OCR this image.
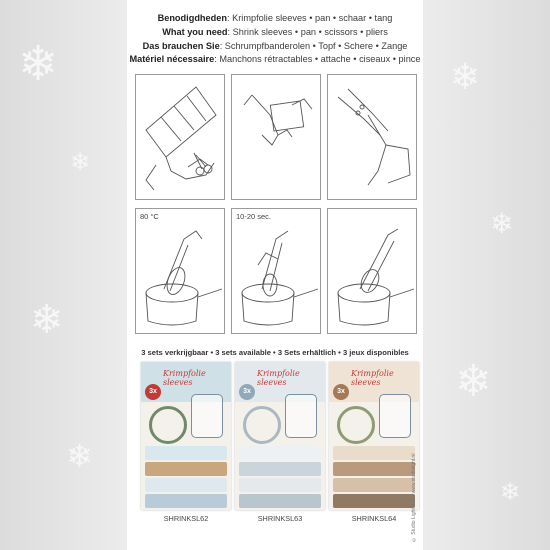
❄
❄
❄
❄
❄
❄
❄
❄
Benodigdheden: Krimpfolie sleeves • pan • schaar • tang
What you need: Shrink sleeves • pan • scissors • pliers
Das brauchen Sie: Schrumpfbanderolen • Topf • Schere • Zange
Matériel nécessaire: Manchons rétractables • attache • ciseaux • pince
80 °C	10-20 sec.
3 sets verkrijgbaar • 3 sets available • 3 Sets erhältlich • 3 jeux disponibles
Krimpfolie sleeves
3x
SHRINKSL62
Krimpfolie sleeves
3x
SHRINKSL63
Krimpfolie sleeves
3x
SHRINKSL64	© Studio Light B.V. • www.studiolight.nl
